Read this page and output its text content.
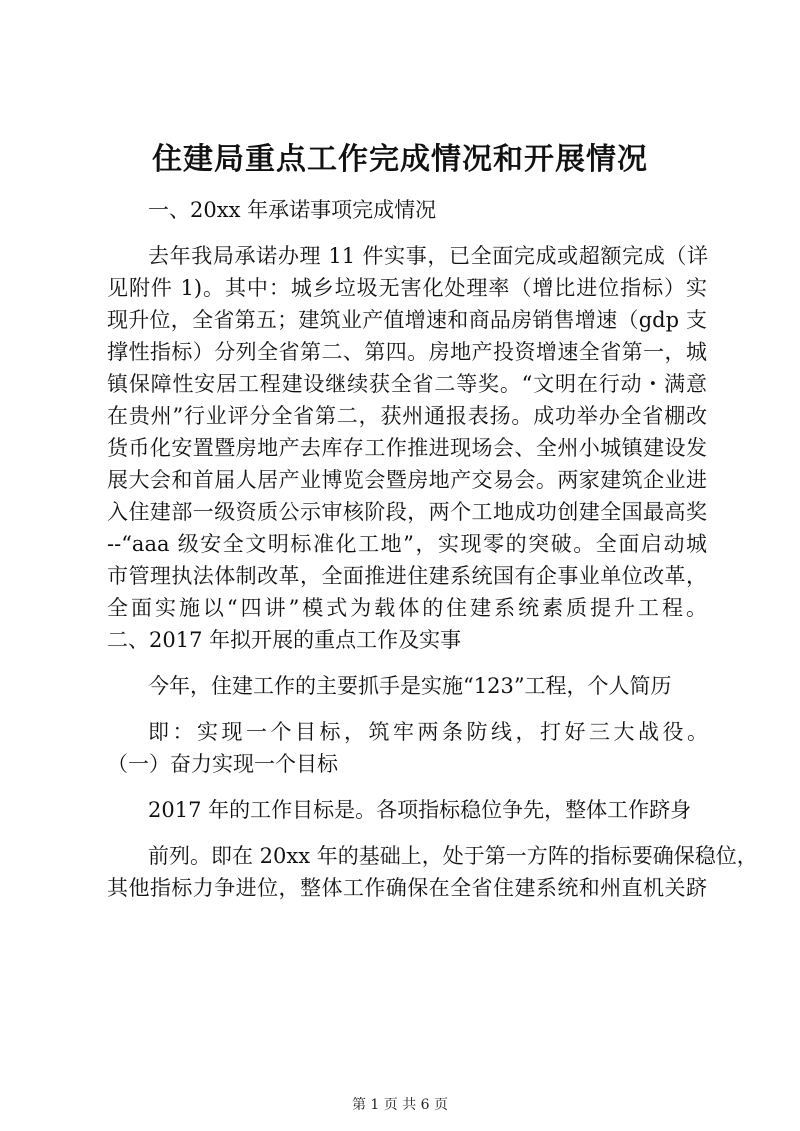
住建局重点工作完成情况和开展情况

一、20xx 年承诺事项完成情况

去年我局承诺办理 11 件实事，已全面完成或超额完成（详

见附件 1)。其中：城乡垃圾无害化处理率（增比进位指标）实

现升位，全省第五；建筑业产值增速和商品房销售增速（gdp 支

撑性指标）分列全省第二、第四。房地产投资增速全省第一，城

镇保障性安居工程建设继续获全省二等奖。“文明在行动・满意

在贵州”行业评分全省第二，获州通报表扬。成功举办全省棚改

货币化安置暨房地产去库存工作推进现场会、全州小城镇建设发

展大会和首届人居产业博览会暨房地产交易会。两家建筑企业进

入住建部一级资质公示审核阶段，两个工地成功创建全国最高奖

--“aaa 级安全文明标准化工地”，实现零的突破。全面启动城

市管理执法体制改革，全面推进住建系统国有企事业单位改革，

全面实施以“四讲”模式为载体的住建系统素质提升工程。

二、2017 年拟开展的重点工作及实事

今年，住建工作的主要抓手是实施“123”工程，个人简历

即：实现一个目标，筑牢两条防线，打好三大战役。

（一）奋力实现一个目标

2017 年的工作目标是。各项指标稳位争先，整体工作跻身

前列。即在 20xx 年的基础上，处于第一方阵的指标要确保稳位，

其他指标力争进位，整体工作确保在全省住建系统和州直机关跻

第 1 页 共 6 页
